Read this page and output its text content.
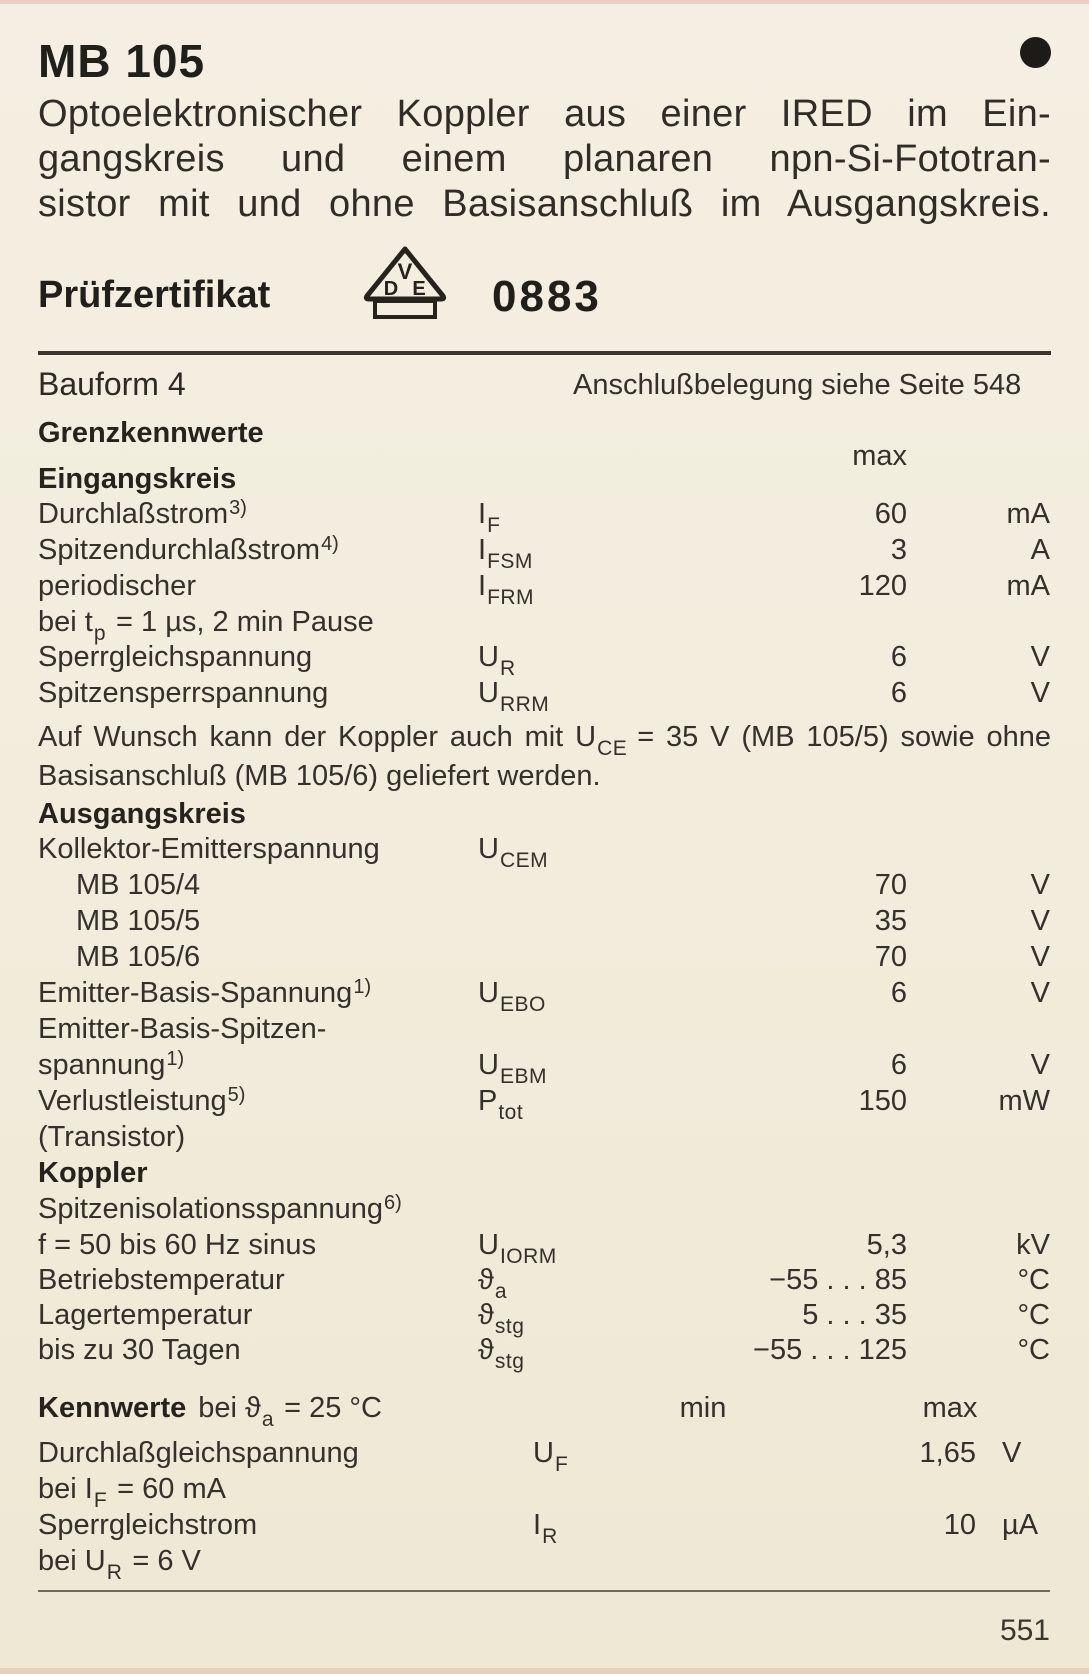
MB 105
Optoelektronischer Koppler aus einer IRED im Ein-
gangskreis und einem planaren npn-Si-Fototran-
sistor mit und ohne Basisanschluß im Ausgangskreis.
Prüfzertifikat
V
D E 0883
Bauform 4	Anschlußbelegung siehe Seite 548
Grenzkennwerte
max
Eingangskreis
Durchlaßstrom$^{3)}$	$I_F$	60	mA
Spitzendurchlaßstrom$^{4)}$	$I_{FSM}$	3	A
periodischer	$I_{FRM}$	120	mA
bei $t_p = 1$ µs, 2 min Pause
Sperrgleichspannung	$U_R$	6	V
Spitzensperrspannung	$U_{RRM}$	6	V
Auf Wunsch kann der Koppler auch mit $U_{CE} = 35$ V (MB 105/5) sowie ohne
Basisanschluß (MB 105/6) geliefert werden.
Ausgangskreis
Kollektor-Emitterspannung	$U_{CEM}$
MB 105/4	70	V
MB 105/5	35	V
MB 105/6	70	V
Emitter-Basis-Spannung$^{1)}$	$U_{EBO}$	6	V
Emitter-Basis-Spitzen-
spannung$^{1)}$	$U_{EBM}$	6	V
Verlustleistung$^{5)}$	$P_{tot}$	150	mW
(Transistor)
Koppler
Spitzenisolationsspannung$^{6)}$
f = 50 bis 60 Hz sinus	$U_{IORM}$	5,3	kV
Betriebstemperatur	$ϑ_a$	−55 . . . 85	°C
Lagertemperatur	$ϑ_{stg}$	5 . . . 35	°C
bis zu 30 Tagen	$ϑ_{stg}$	−55 . . . 125	°C
Kennwerte bei $ϑ_a = 25$ °C	min	max
Durchlaßgleichspannung	$U_F$	1,65 V
bei $I_F = 60$ mA
Sperrgleichstrom	$I_R$	10 µA
bei $U_R = 6$ V
551
